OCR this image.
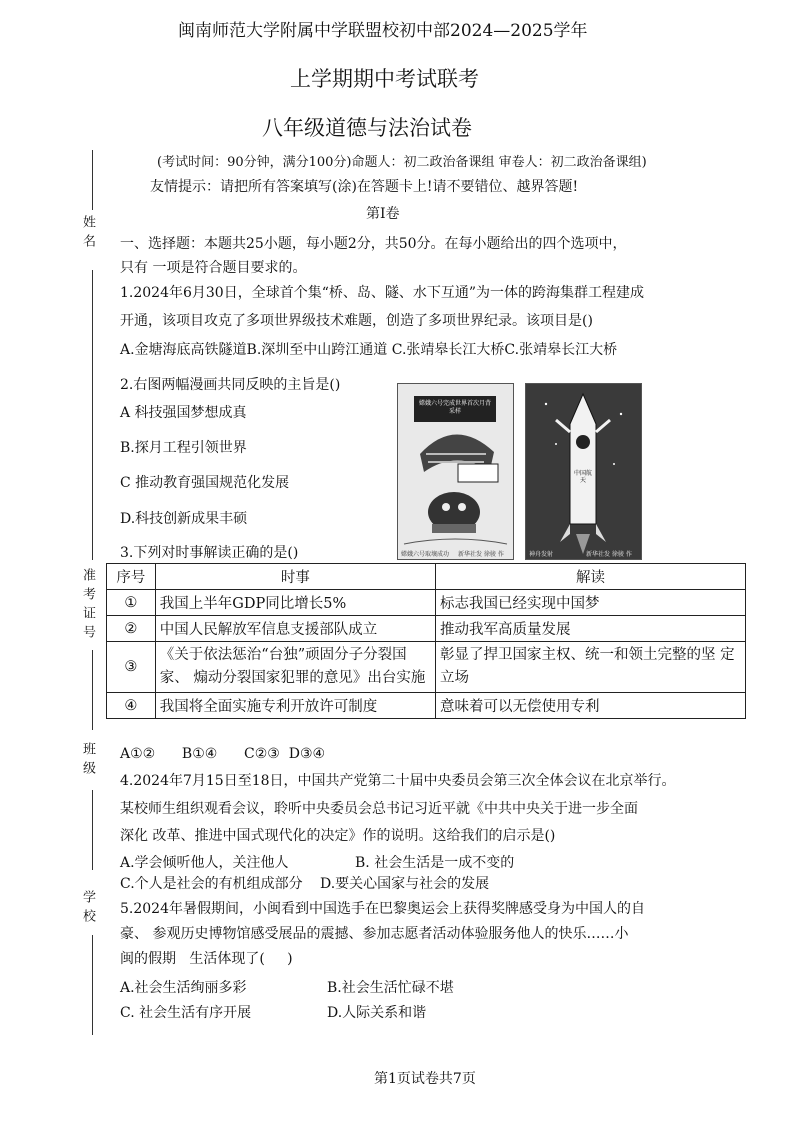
闽南师范大学附属中学联盟校初中部2024—2025学年
上学期期中考试联考
八年级道德与法治试卷
(考试时间：90分钟，满分100分)命题人：初二政治备课组 审卷人：初二政治备课组)
友情提示：请把所有答案填写(涂)在答题卡上!请不要错位、越界答题!
第I卷
姓名
准考证号
班级
学校
一、选择题：本题共25小题，每小题2分，共50分。在每小题给出的四个选项中，
只有 一项是符合题目要求的。
1.2024年6月30日，全球首个集“桥、岛、隧、水下互通”为一体的跨海集群工程建成
开通，该项目攻克了多项世界级技术难题，创造了多项世界纪录。该项目是()
A.金塘海底高铁隧道B.深圳至中山跨江通道 C.张靖皋长江大桥C.张靖皋长江大桥
2.右图两幅漫画共同反映的主旨是()
A 科技强国梦想成真
B.探月工程引领世界
C 推动教育强国规范化发展
D.科技创新成果丰硕
嫦娥六号完成世界首次月背采样
嫦娥六号取壤成功 新华社发 徐骏 作
中国航天
神舟发射	新华社发 徐骏 作
3.下列对时事解读正确的是()
序号	时事	解读
①	我国上半年GDP同比增长5%	标志我国已经实现中国梦
②	中国人民解放军信息支援部队成立	推动我军高质量发展
③	《关于依法惩治“台独”顽固分子分裂国家、 煽动分裂国家犯罪的意见》出台实施	彰显了捍卫国家主权、统一和领土完整的坚 定立场
④	我国将全面实施专利开放许可制度	意味着可以无偿使用专利
A①②      B①④      C②③  D③④
4.2024年7月15日至18日，中国共产党第二十届中央委员会第三次全体会议在北京举行。
某校师生组织观看会议，聆听中央委员会总书记习近平就《中共中央关于进一步全面
深化 改革、推进中国式现代化的决定》作的说明。这给我们的启示是()
A.学会倾听他人，关注他人	B. 社会生活是一成不变的
C.个人是社会的有机组成部分 D.要关心国家与社会的发展
5.2024年暑假期间，小闽看到中国选手在巴黎奥运会上获得奖牌感受身为中国人的自
豪、 参观历史博物馆感受展品的震撼、参加志愿者活动体验服务他人的快乐……小
闽的假期   生活体现了(     )
A.社会生活绚丽多彩	B.社会生活忙碌不堪
C. 社会生活有序开展	D.人际关系和谐
第1页试卷共7页
